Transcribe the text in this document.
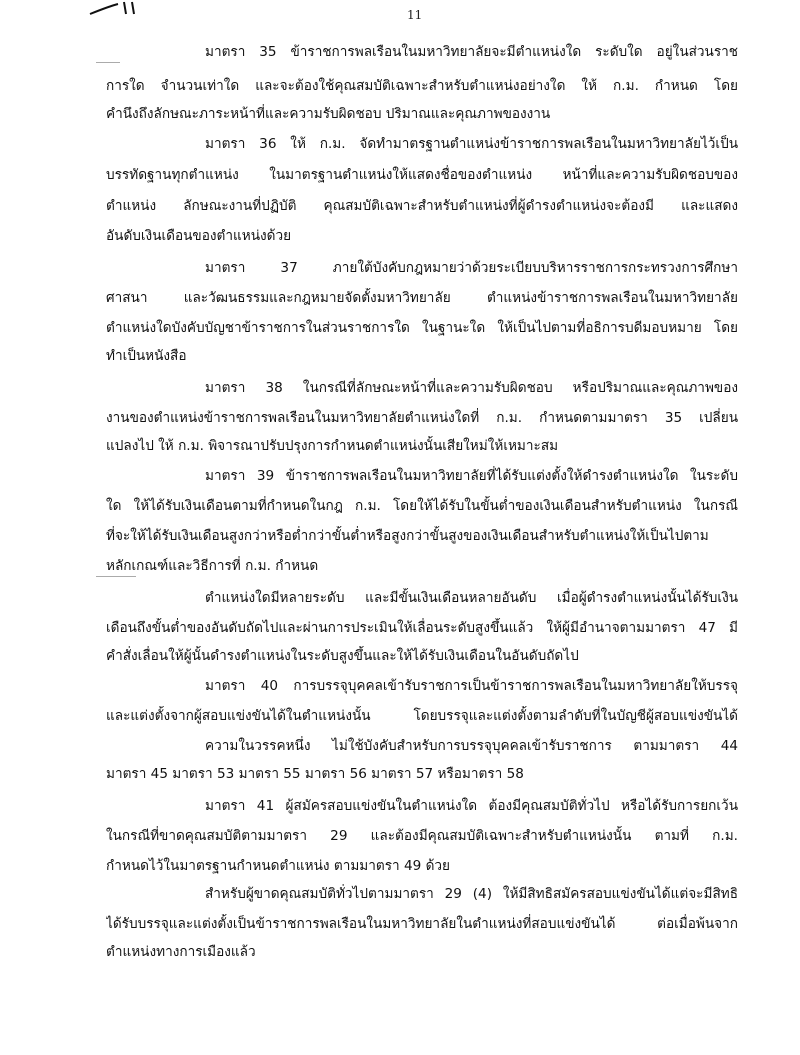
11
มาตรา 35 ข้าราชการพลเรือนในมหาวิทยาลัยจะมีตำแหน่งใด ระดับใด อยู่ในส่วนราช
การใด จำนวนเท่าใด และจะต้องใช้คุณสมบัติเฉพาะสำหรับตำแหน่งอย่างใด ให้ ก.ม. กำหนด โดย
คำนึงถึงลักษณะภาระหน้าที่และความรับผิดชอบ ปริมาณและคุณภาพของงาน
มาตรา 36 ให้ ก.ม. จัดทำมาตรฐานตำแหน่งข้าราชการพลเรือนในมหาวิทยาลัยไว้เป็น
บรรทัดฐานทุกตำแหน่ง ในมาตรฐานตำแหน่งให้แสดงชื่อของตำแหน่ง หน้าที่และความรับผิดชอบของ
ตำแหน่ง ลักษณะงานที่ปฏิบัติ คุณสมบัติเฉพาะสำหรับตำแหน่งที่ผู้ดำรงตำแหน่งจะต้องมี และแสดง
อันดับเงินเดือนของตำแหน่งด้วย
มาตรา 37 ภายใต้บังคับกฎหมายว่าด้วยระเบียบบริหารราชการกระทรวงการศึกษา
ศาสนา และวัฒนธรรมและกฎหมายจัดตั้งมหาวิทยาลัย ตำแหน่งข้าราชการพลเรือนในมหาวิทยาลัย
ตำแหน่งใดบังคับบัญชาข้าราชการในส่วนราชการใด ในฐานะใด ให้เป็นไปตามที่อธิการบดีมอบหมาย โดย
ทำเป็นหนังสือ
มาตรา 38 ในกรณีที่ลักษณะหน้าที่และความรับผิดชอบ หรือปริมาณและคุณภาพของ
งานของตำแหน่งข้าราชการพลเรือนในมหาวิทยาลัยตำแหน่งใดที่ ก.ม. กำหนดตามมาตรา 35 เปลี่ยน
แปลงไป ให้ ก.ม. พิจารณาปรับปรุงการกำหนดตำแหน่งนั้นเสียใหม่ให้เหมาะสม
มาตรา 39 ข้าราชการพลเรือนในมหาวิทยาลัยที่ได้รับแต่งตั้งให้ดำรงตำแหน่งใด ในระดับ
ใด ให้ได้รับเงินเดือนตามที่กำหนดในกฎ ก.ม. โดยให้ได้รับในขั้นต่ำของเงินเดือนสำหรับตำแหน่ง ในกรณี
ที่จะให้ได้รับเงินเดือนสูงกว่าหรือต่ำกว่าขั้นต่ำหรือสูงกว่าขั้นสูงของเงินเดือนสำหรับตำแหน่งให้เป็นไปตาม
หลักเกณฑ์และวิธีการที่ ก.ม. กำหนด
ตำแหน่งใดมีหลายระดับ และมีขั้นเงินเดือนหลายอันดับ เมื่อผู้ดำรงตำแหน่งนั้นได้รับเงิน
เดือนถึงขั้นต่ำของอันดับถัดไปและผ่านการประเมินให้เลื่อนระดับสูงขึ้นแล้ว ให้ผู้มีอำนาจตามมาตรา 47 มี
คำสั่งเลื่อนให้ผู้นั้นดำรงตำแหน่งในระดับสูงขึ้นและให้ได้รับเงินเดือนในอันดับถัดไป
มาตรา 40 การบรรจุบุคคลเข้ารับราชการเป็นข้าราชการพลเรือนในมหาวิทยาลัยให้บรรจุ
และแต่งตั้งจากผู้สอบแข่งขันได้ในตำแหน่งนั้น โดยบรรจุและแต่งตั้งตามลำดับที่ในบัญชีผู้สอบแข่งขันได้
ความในวรรคหนึ่ง ไม่ใช้บังคับสำหรับการบรรจุบุคคลเข้ารับราชการ ตามมาตรา 44
มาตรา 45 มาตรา 53 มาตรา 55 มาตรา 56 มาตรา 57 หรือมาตรา 58
มาตรา 41 ผู้สมัครสอบแข่งขันในตำแหน่งใด ต้องมีคุณสมบัติทั่วไป หรือได้รับการยกเว้น
ในกรณีที่ขาดคุณสมบัติตามมาตรา 29 และต้องมีคุณสมบัติเฉพาะสำหรับตำแหน่งนั้น ตามที่ ก.ม.
กำหนดไว้ในมาตรฐานกำหนดตำแหน่ง ตามมาตรา 49 ด้วย
สำหรับผู้ขาดคุณสมบัติทั่วไปตามมาตรา 29 (4) ให้มีสิทธิสมัครสอบแข่งขันได้แต่จะมีสิทธิ
ได้รับบรรจุและแต่งตั้งเป็นข้าราชการพลเรือนในมหาวิทยาลัยในตำแหน่งที่สอบแข่งขันได้ ต่อเมื่อพ้นจาก
ตำแหน่งทางการเมืองแล้ว
